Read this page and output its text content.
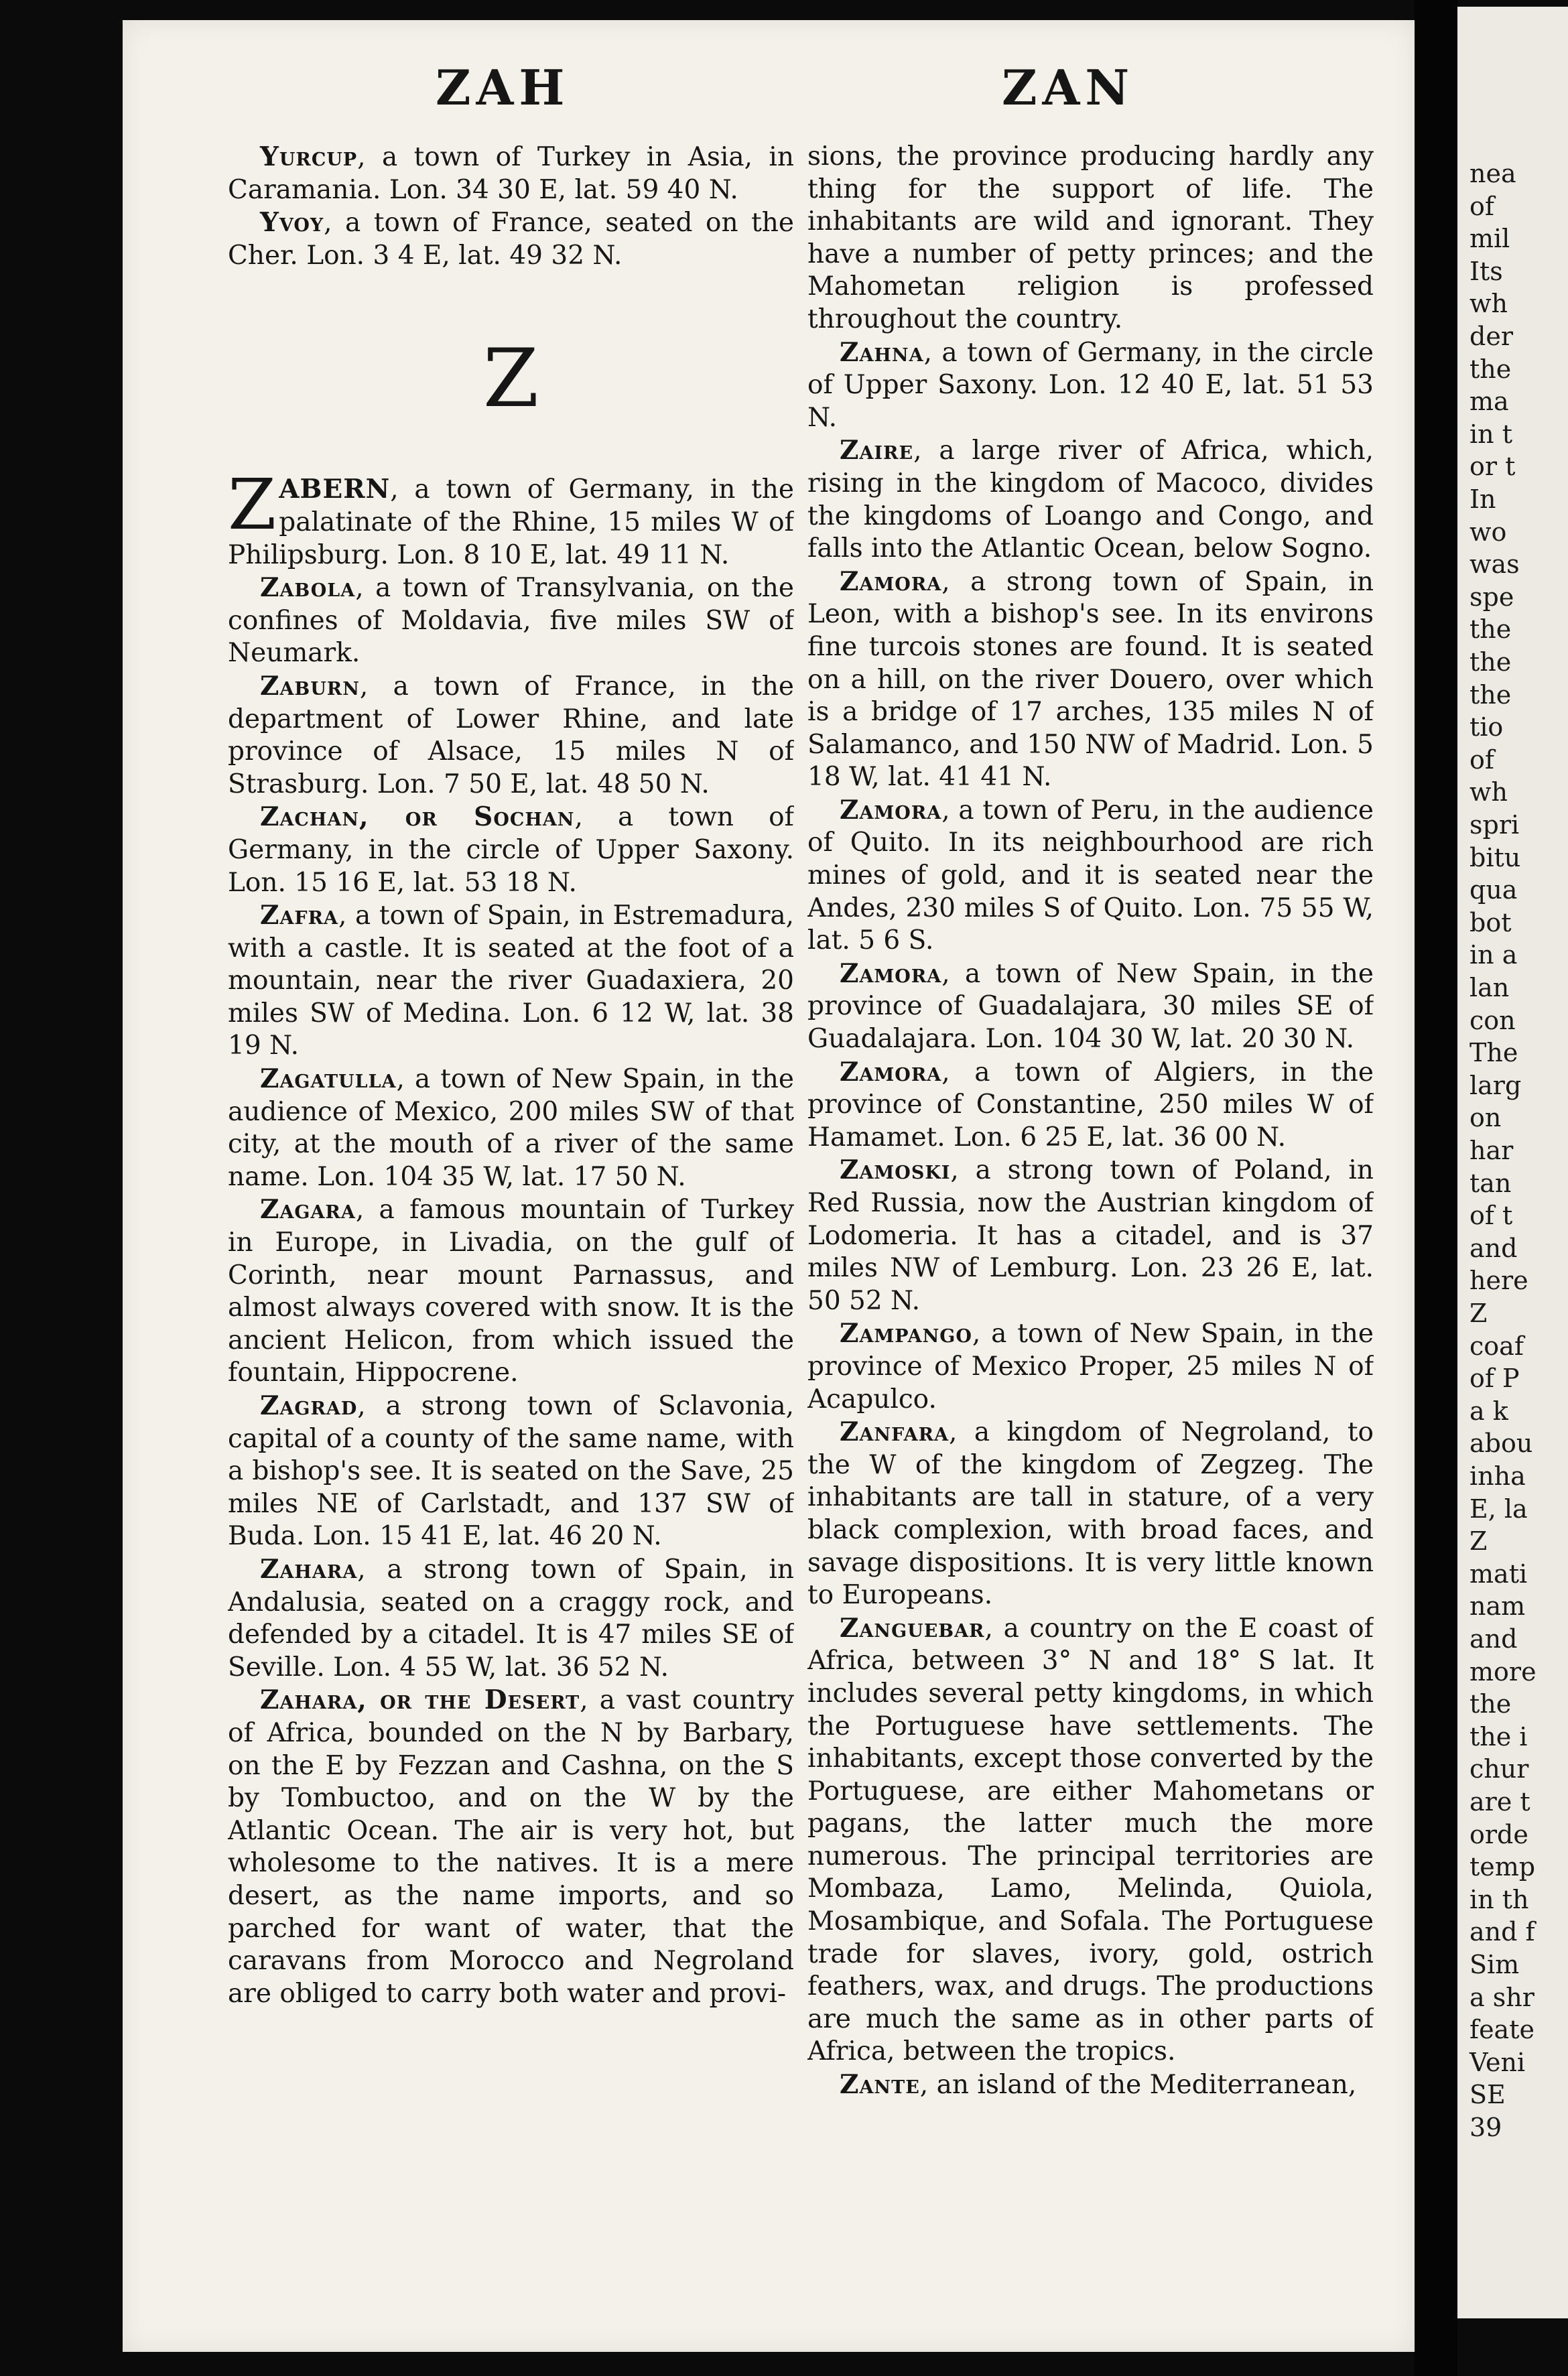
nea
of
mil
Its
wh
der
the
ma
in t
or t
In
wo
was
spe
the
the
the
tio
of
wh
spri
bitu
qua
bot
in a
lan
con
The
larg
on
har
tan
of t
and
here
Z
coaf
of P
a k
abou
inha
E, la
Z
mati
nam
and
more
the
the i
chur
are t
orde
temp
in th
and f
Sim
a shr
feate
Veni
SE
39
ZAH	ZAN

Yurcup, a town of Turkey in Asia, in Caramania. Lon. 34 30 E, lat. 59 40 N.

Yvoy, a town of France, seated on the Cher. Lon. 3 4 E, lat. 49 32 N.

Z

ZABERN, a town of Germany, in the palatinate of the Rhine, 15 miles W of Philipsburg. Lon. 8 10 E, lat. 49 11 N.

Zabola, a town of Transylvania, on the confines of Moldavia, five miles SW of Neumark.

Zaburn, a town of France, in the department of Lower Rhine, and late province of Alsace, 15 miles N of Strasburg. Lon. 7 50 E, lat. 48 50 N.

Zachan, or Sochan, a town of Germany, in the circle of Upper Saxony. Lon. 15 16 E, lat. 53 18 N.

Zafra, a town of Spain, in Estremadura, with a castle. It is seated at the foot of a mountain, near the river Guadaxiera, 20 miles SW of Medina. Lon. 6 12 W, lat. 38 19 N.

Zagatulla, a town of New Spain, in the audience of Mexico, 200 miles SW of that city, at the mouth of a river of the same name. Lon. 104 35 W, lat. 17 50 N.

Zagara, a famous mountain of Turkey in Europe, in Livadia, on the gulf of Corinth, near mount Parnassus, and almost always covered with snow. It is the ancient Helicon, from which issued the fountain, Hippocrene.

Zagrad, a strong town of Sclavonia, capital of a county of the same name, with a bishop's see. It is seated on the Save, 25 miles NE of Carlstadt, and 137 SW of Buda. Lon. 15 41 E, lat. 46 20 N.

Zahara, a strong town of Spain, in Andalusia, seated on a craggy rock, and defended by a citadel. It is 47 miles SE of Seville. Lon. 4 55 W, lat. 36 52 N.

Zahara, or the Desert, a vast country of Africa, bounded on the N by Barbary, on the E by Fezzan and Cashna, on the S by Tombuctoo, and on the W by the Atlantic Ocean. The air is very hot, but wholesome to the natives. It is a mere desert, as the name imports, and so parched for want of water, that the caravans from Morocco and Negroland are obliged to carry both water and provi-

sions, the province producing hardly any thing for the support of life. The inhabitants are wild and ignorant. They have a number of petty princes; and the Mahometan religion is professed throughout the country.

Zahna, a town of Germany, in the circle of Upper Saxony. Lon. 12 40 E, lat. 51 53 N.

Zaire, a large river of Africa, which, rising in the kingdom of Macoco, divides the kingdoms of Loango and Congo, and falls into the Atlantic Ocean, below Sogno.

Zamora, a strong town of Spain, in Leon, with a bishop's see. In its environs fine turcois stones are found. It is seated on a hill, on the river Douero, over which is a bridge of 17 arches, 135 miles N of Salamanco, and 150 NW of Madrid. Lon. 5 18 W, lat. 41 41 N.

Zamora, a town of Peru, in the audience of Quito. In its neighbourhood are rich mines of gold, and it is seated near the Andes, 230 miles S of Quito. Lon. 75 55 W, lat. 5 6 S.

Zamora, a town of New Spain, in the province of Guadalajara, 30 miles SE of Guadalajara. Lon. 104 30 W, lat. 20 30 N.

Zamora, a town of Algiers, in the province of Constantine, 250 miles W of Hamamet. Lon. 6 25 E, lat. 36 00 N.

Zamoski, a strong town of Poland, in Red Russia, now the Austrian kingdom of Lodomeria. It has a citadel, and is 37 miles NW of Lemburg. Lon. 23 26 E, lat. 50 52 N.

Zampango, a town of New Spain, in the province of Mexico Proper, 25 miles N of Acapulco.

Zanfara, a kingdom of Negroland, to the W of the kingdom of Zegzeg. The inhabitants are tall in stature, of a very black complexion, with broad faces, and savage dispositions. It is very little known to Europeans.

Zanguebar, a country on the E coast of Africa, between 3° N and 18° S lat. It includes several petty kingdoms, in which the Portuguese have settlements. The inhabitants, except those converted by the Portuguese, are either Mahometans or pagans, the latter much the more numerous. The principal territories are Mombaza, Lamo, Melinda, Quiola, Mosambique, and Sofala. The Portuguese trade for slaves, ivory, gold, ostrich feathers, wax, and drugs. The productions are much the same as in other parts of Africa, between the tropics.

Zante, an island of the Mediterranean,
